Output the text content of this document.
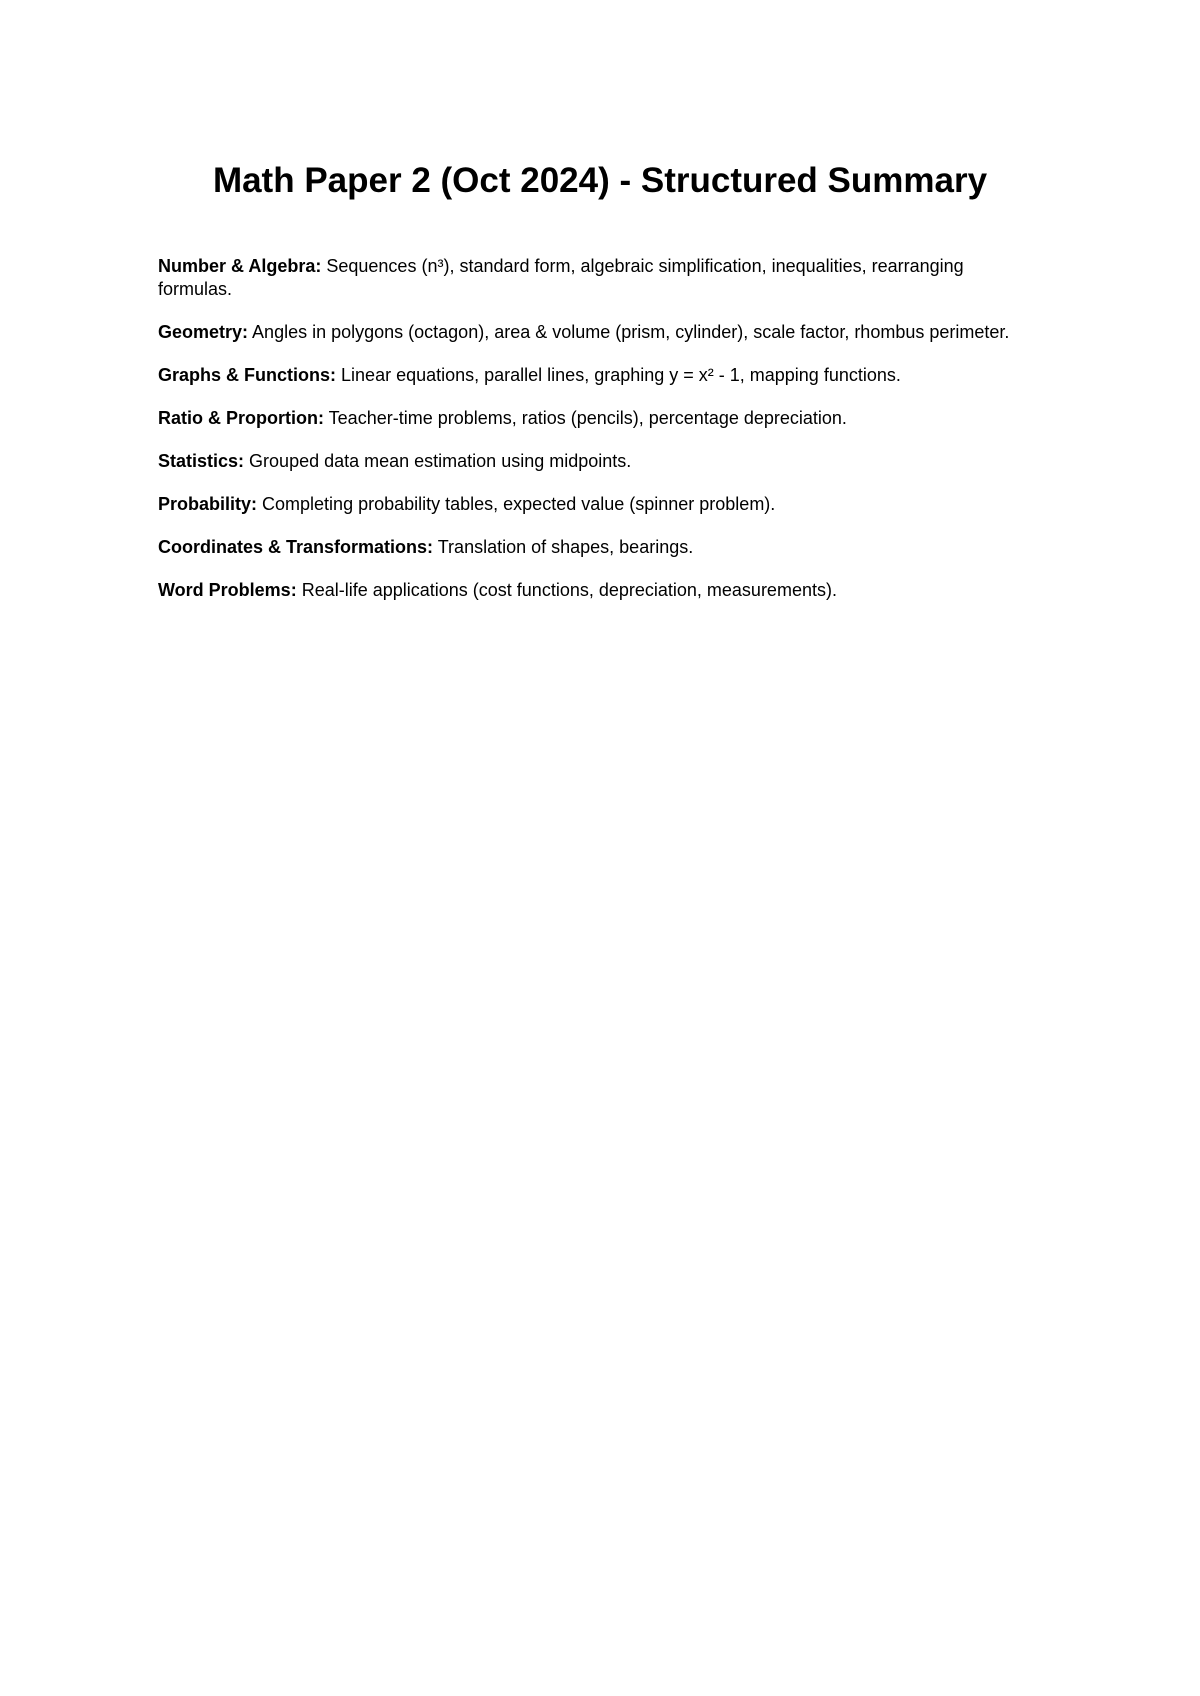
Math Paper 2 (Oct 2024) - Structured Summary

Number & Algebra: Sequences (n³), standard form, algebraic simplification, inequalities, rearranging formulas.

Geometry: Angles in polygons (octagon), area & volume (prism, cylinder), scale factor, rhombus perimeter.

Graphs & Functions: Linear equations, parallel lines, graphing y = x² - 1, mapping functions.

Ratio & Proportion: Teacher-time problems, ratios (pencils), percentage depreciation.

Statistics: Grouped data mean estimation using midpoints.

Probability: Completing probability tables, expected value (spinner problem).

Coordinates & Transformations: Translation of shapes, bearings.

Word Problems: Real-life applications (cost functions, depreciation, measurements).
